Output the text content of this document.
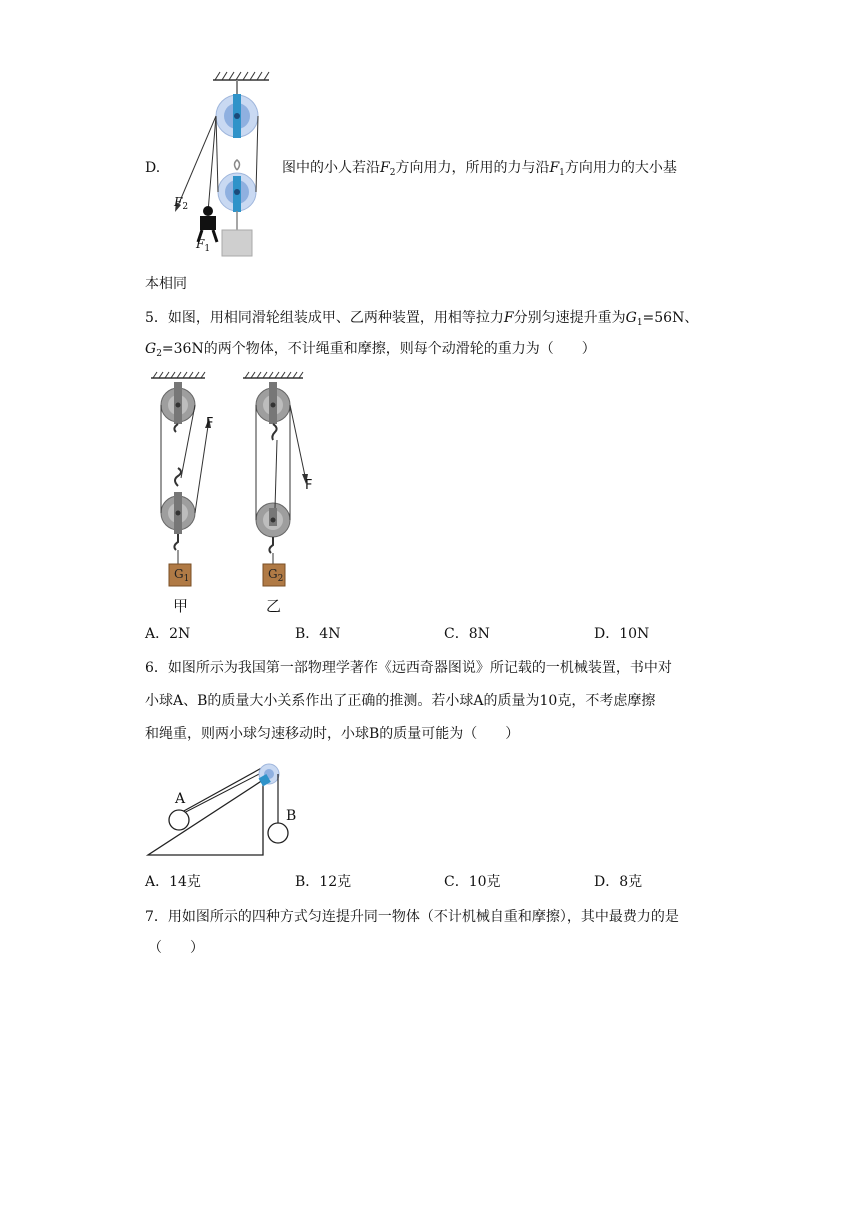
$F_2$
$F_1$
D.	图中的小人若沿$F_2$方向用力，所用的力与沿$F_1$方向用力的大小基
本相同
5．如图，用相同滑轮组装成甲、乙两种装置，用相等拉力F分别匀速提升重为$G_1=56N$、
$G_2=36N$的两个物体，不计绳重和摩擦，则每个动滑轮的重力为（　　）
F
F
$G_1$	$G_2$
甲	乙
A．2N	B．4N	C．8N	D．10N
6．如图所示为我国第一部物理学著作《远西奇器图说》所记载的一机械装置，书中对
小球A、B的质量大小关系作出了正确的推测。若小球A的质量为10克，不考虑摩擦
和绳重，则两小球匀速移动时，小球B的质量可能为（　　）
A
B
A．14克	B．12克	C．10克	D．8克
7．用如图所示的四种方式匀连提升同一物体（不计机械自重和摩擦），其中最费力的是
（　　）
